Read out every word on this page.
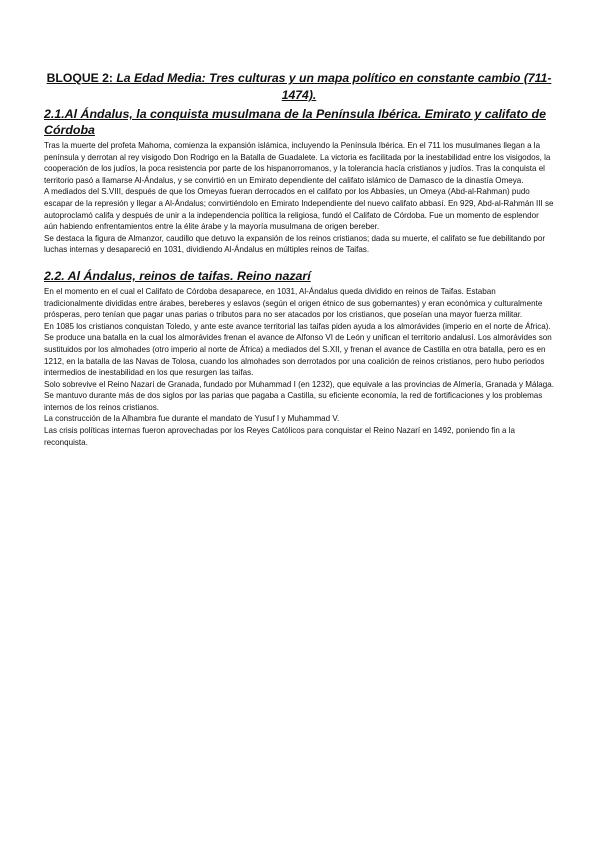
BLOQUE 2: La Edad Media: Tres culturas y un mapa político en constante cambio (711-1474).
2.1.Al Ándalus, la conquista musulmana de la Península Ibérica. Emirato y califato de Córdoba

Tras la muerte del profeta Mahoma, comienza la expansión islámica, incluyendo la Península Ibérica. En el 711 los musulmanes llegan a la península y derrotan al rey visigodo Don Rodrigo en la Batalla de Guadalete. La victoria es facilitada por la inestabilidad entre los visigodos, la cooperación de los judíos, la poca resistencia por parte de los hispanorromanos, y la tolerancia hacía cristianos y judíos. Tras la conquista el territorio pasó a llamarse Al-Ándalus, y se convirtió en un Emirato dependiente del califato islámico de Damasco de la dinastía Omeya.

A mediados del S.VIII, después de que los Omeyas fueran derrocados en el califato por los Abbasíes, un Omeya (Abd-al-Rahman) pudo escapar de la represión y llegar a Al-Ándalus; convirtiéndolo en Emirato Independiente del nuevo califato abbasí. En 929, Abd-al-Rahmán III se autoproclamó califa y después de unir a la independencia política la religiosa, fundó el Califato de Córdoba. Fue un momento de esplendor aún habiendo enfrentamientos entre la élite árabe y la mayoría musulmana de origen bereber.

Se destaca la figura de Almanzor, caudillo que detuvo la expansión de los reinos cristianos; dada su muerte, el califato se fue debilitando por luchas internas y desapareció en 1031, dividiendo Al-Ándalus en múltiples reinos de Taifas.

2.2. Al Ándalus, reinos de taifas. Reino nazarí

En el momento en el cual el Califato de Córdoba desaparece, en 1031, Al-Ándalus queda dividido en reinos de Taifas. Estaban tradicionalmente divididas entre árabes, bereberes y eslavos (según el origen étnico de sus gobernantes) y eran económica y culturalmente prósperas, pero tenían que pagar unas parias o tributos para no ser atacados por los cristianos, que poseían una mayor fuerza militar.

En 1085 los cristianos conquistan Toledo, y ante este avance territorial las taifas piden ayuda a los almorávides (imperio en el norte de África). Se produce una batalla en la cual los almorávides frenan el avance de Alfonso VI de León y unifican el territorio andalusí. Los almorávides son sustituidos por los almohades (otro imperio al norte de África) a mediados del S.XII, y frenan el avance de Castilla en otra batalla, pero es en 1212, en la batalla de las Navas de Tolosa, cuando los almohades son derrotados por una coalición de reinos cristianos, pero hubo periodos intermedios de inestabilidad en los que resurgen las taifas.

Solo sobrevive el Reino Nazarí de Granada, fundado por Muhammad I (en 1232), que equivale a las provincias de Almería, Granada y Málaga. Se mantuvo durante más de dos siglos por las parias que pagaba a Castilla, su eficiente economía, la red de fortificaciones y los problemas internos de los reinos cristianos.

La construcción de la Alhambra fue durante el mandato de Yusuf I y Muhammad V.

Las crisis políticas internas fueron aprovechadas por los Reyes Católicos para conquistar el Reino Nazarí en 1492, poniendo fin a la reconquista.
